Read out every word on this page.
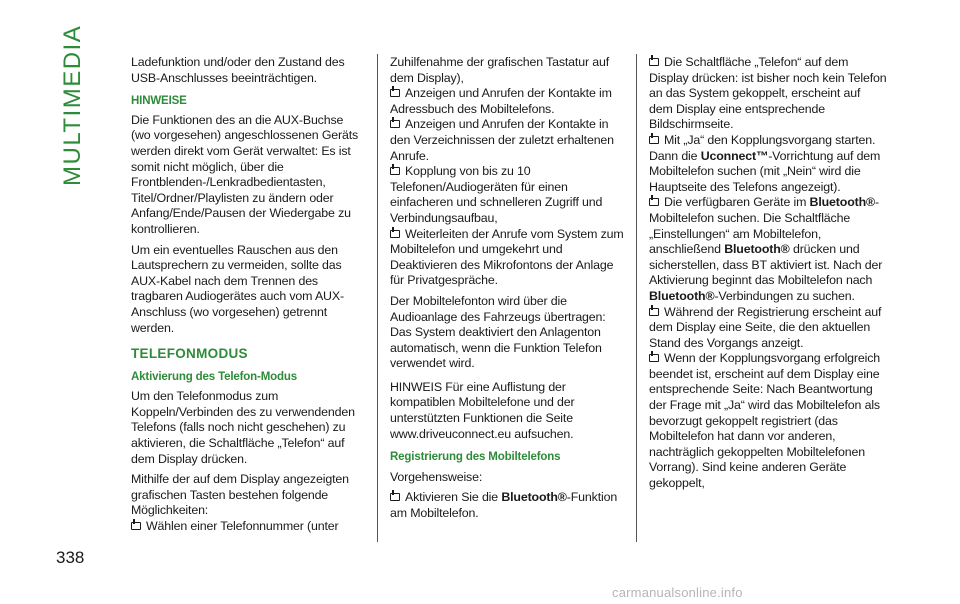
MULTIMEDIA
338

Ladefunktion und/oder den Zustand des USB-Anschlusses beeinträchtigen.

HINWEISE

Die Funktionen des an die AUX-Buchse (wo vorgesehen) angeschlossenen Geräts werden direkt vom Gerät verwaltet: Es ist somit nicht möglich, über die Frontblenden-/Lenkradbedientasten, Titel/Ordner/Playlisten zu ändern oder Anfang/Ende/Pausen der Wiedergabe zu kontrollieren.

Um ein eventuelles Rauschen aus den Lautsprechern zu vermeiden, sollte das AUX-Kabel nach dem Trennen des tragbaren Audiogerätes auch vom AUX-Anschluss (wo vorgesehen) getrennt werden.

TELEFONMODUS
Aktivierung des Telefon-Modus

Um den Telefonmodus zum Koppeln/Verbinden des zu verwendenden Telefons (falls noch nicht geschehen) zu aktivieren, die Schaltfläche „Telefon“ auf dem Display drücken.

Mithilfe der auf dem Display angezeigten grafischen Tasten bestehen folgende Möglichkeiten:

Wählen einer Telefonnummer (unter

Zuhilfenahme der grafischen Tastatur auf dem Display),

Anzeigen und Anrufen der Kontakte im Adressbuch des Mobiltelefons.

Anzeigen und Anrufen der Kontakte in den Verzeichnissen der zuletzt erhaltenen Anrufe.

Kopplung von bis zu 10 Telefonen/Audiogeräten für einen einfacheren und schnelleren Zugriff und Verbindungsaufbau,

Weiterleiten der Anrufe vom System zum Mobiltelefon und umgekehrt und Deaktivieren des Mikrofontons der Anlage für Privatgespräche.

Der Mobiltelefonton wird über die Audioanlage des Fahrzeugs übertragen: Das System deaktiviert den Anlagenton automatisch, wenn die Funktion Telefon verwendet wird.

HINWEIS Für eine Auflistung der kompatiblen Mobiltelefone und der unterstützten Funktionen die Seite www.driveuconnect.eu aufsuchen.

Registrierung des Mobiltelefons

Vorgehensweise:

Aktivieren Sie die Bluetooth®-Funktion am Mobiltelefon.

Die Schaltfläche „Telefon“ auf dem Display drücken: ist bisher noch kein Telefon an das System gekoppelt, erscheint auf dem Display eine entsprechende Bildschirmseite.

Mit „Ja“ den Kopplungsvorgang starten. Dann die Uconnect™-Vorrichtung auf dem Mobiltelefon suchen (mit „Nein“ wird die Hauptseite des Telefons angezeigt).

Die verfügbaren Geräte im Bluetooth®-Mobiltelefon suchen. Die Schaltfläche „Einstellungen“ am Mobiltelefon, anschließend Bluetooth® drücken und sicherstellen, dass BT aktiviert ist. Nach der Aktivierung beginnt das Mobiltelefon nach Bluetooth®-Verbindungen zu suchen.

Während der Registrierung erscheint auf dem Display eine Seite, die den aktuellen Stand des Vorgangs anzeigt.

Wenn der Kopplungsvorgang erfolgreich beendet ist, erscheint auf dem Display eine entsprechende Seite: Nach Beantwortung der Frage mit „Ja“ wird das Mobiltelefon als bevorzugt gekoppelt registriert (das Mobiltelefon hat dann vor anderen, nachträglich gekoppelten Mobiltelefonen Vorrang). Sind keine anderen Geräte gekoppelt,

carmanualsonline.info
